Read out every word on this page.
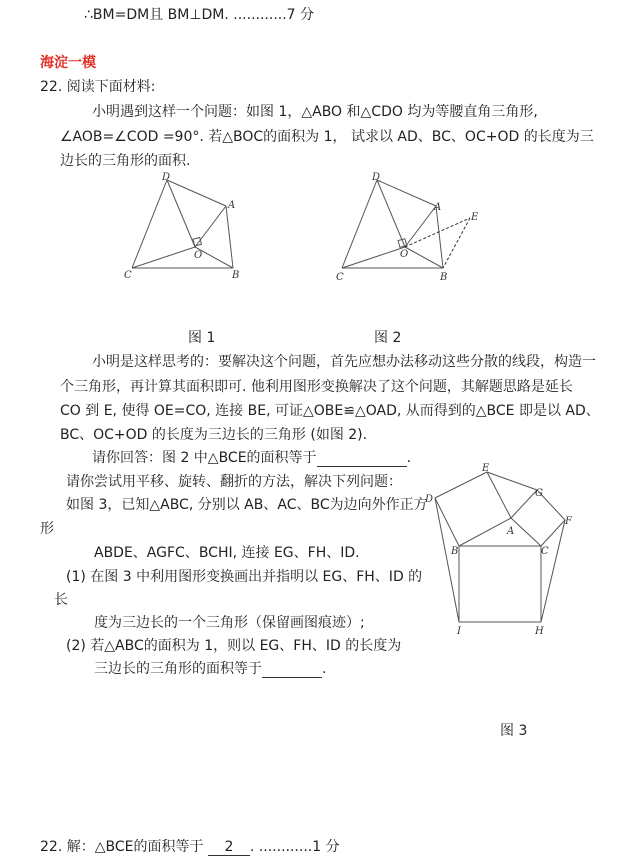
∴BM=DM且 BM⊥DM. ............7 分
海淀一模
22. 阅读下面材料:
小明遇到这样一个问题：如图 1，△ABO 和△CDO 均为等腰直角三角形,
∠AOB=∠COD =90°. 若△BOC的面积为 1， 试求以 AD、BC、OC+OD 的长度为三
边长的三角形的面积.
D
A
O
C	B
D
A
E
O
C	B
图 1	图 2
小明是这样思考的：要解决这个问题，首先应想办法移动这些分散的线段，构造一
个三角形，再计算其面积即可. 他利用图形变换解决了这个问题，其解题思路是延长
CO 到 E, 使得 OE=CO, 连接 BE, 可证△OBE≌△OAD, 从而得到的△BCE 即是以 AD、
BC、OC+OD 的长度为三边长的三角形 (如图 2).
请你回答：图 2 中△BCE的面积等于	.
请你尝试用平移、旋转、翻折的方法，解决下列问题：
如图 3，已知△ABC, 分别以 AB、AC、BC为边向外作正方
形
ABDE、AGFC、BCHI, 连接 EG、FH、ID.
(1) 在图 3 中利用图形变换画出并指明以 EG、FH、ID 的
长
度为三边长的一个三角形（保留画图痕迹）;
(2) 若△ABC的面积为 1，则以 EG、FH、ID 的长度为
三边长的三角形的面积等于	.
E
G
D
F
A
B	C
I	H
图 3
22. 解：△BCE的面积等于 2 . ............1 分
